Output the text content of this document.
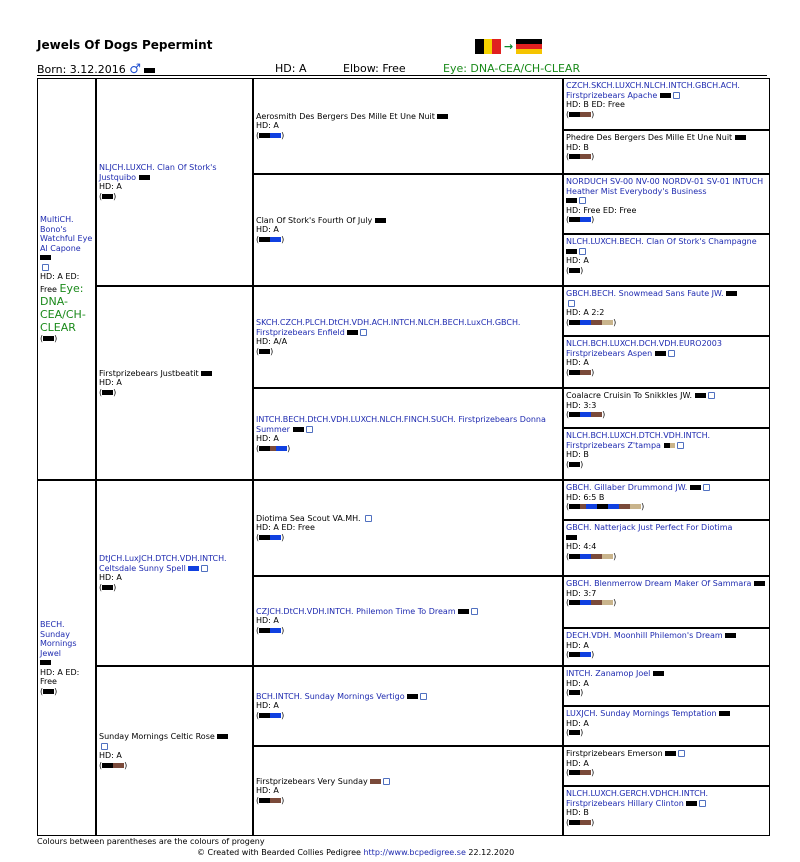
Jewels Of Dogs Pepermint	→
Born: 3.12.2016 ♂	HD: A	Elbow: Free	Eye: DNA-CEA/CH-CLEAR
MultiCH. Bono's Watchful Eye Al Capone
HD: A ED:
Free Eye: DNA-CEA/CH-CLEAR
( )
BECH. Sunday Mornings Jewel
HD: A ED:
Free
( )
NLJCH.LUXCH. Clan Of Stork's Justquibo
HD: A
( )
Firstprizebears Justbeatit
HD: A
( )
DtJCH.LuxJCH.DTCH.VDH.INTCH. Celtsdale Sunny Spell
HD: A
( )
Sunday Mornings Celtic Rose
HD: A
(	)
Aerosmith Des Bergers Des Mille Et Une Nuit
HD: A
(	)
Clan Of Stork's Fourth Of July
HD: A
(	)
SKCH.CZCH.PLCH.DtCH.VDH.ACH.INTCH.NLCH.BECH.LuxCH.GBCH. Firstprizebears Enfield
HD: A/A
( )
INTCH.BECH.DtCH.VDH.LUXCH.NLCH.FINCH.SUCH. Firstprizebears Donna Summer
HD: A
(	)
Diotima Sea Scout VA.MH.
HD: A ED: Free
(	)
CZJCH.DtCH.VDH.INTCH. Philemon Time To Dream
HD: A
(	)
BCH.INTCH. Sunday Mornings Vertigo
HD: A
(	)
Firstprizebears Very Sunday
HD: A
(	)
CZCH.SKCH.LUXCH.NLCH.INTCH.GBCH.ACH. Firstprizebears Apache
HD: B ED: Free
(	)
Phedre Des Bergers Des Mille Et Une Nuit
HD: B
(	)
NORDUCH SV-00 NV-00 NORDV-01 SV-01 INTUCH Heather Mist Everybody's Business

HD: Free ED: Free
(	)
NLCH.LUXCH.BECH. Clan Of Stork's Champagne
HD: A
( )
GBCH.BECH. Snowmead Sans Faute JW.

HD: A 2:2
(	)
NLCH.BCH.LUXCH.DCH.VDH.EURO2003 Firstprizebears Aspen
HD: A
(	)
Coalacre Cruisin To Snikkles JW.
HD: 3:3
(	)
NLCH.BCH.LUXCH.DTCH.VDH.INTCH. Firstprizebears Z'tampa
HD: B
( )
GBCH. Gillaber Drummond JW.
HD: 6:5 B
(	)
GBCH. Natterjack Just Perfect For Diotima

HD: 4:4
(	)
GBCH. Blenmerrow Dream Maker Of Sammara
HD: 3:7
(	)
DECH.VDH. Moonhill Philemon's Dream
HD: A
(	)
INTCH. Zanamop Joel
HD: A
( )
LUXJCH. Sunday Mornings Temptation
HD: A
( )
Firstprizebears Emerson
HD: A
(	)
NLCH.LUXCH.GERCH.VDHCH.INTCH. Firstprizebears Hillary Clinton
HD: B
(	)
Colours between parentheses are the colours of progeny
© Created with Bearded Collies Pedigree http://www.bcpedigree.se 22.12.2020
